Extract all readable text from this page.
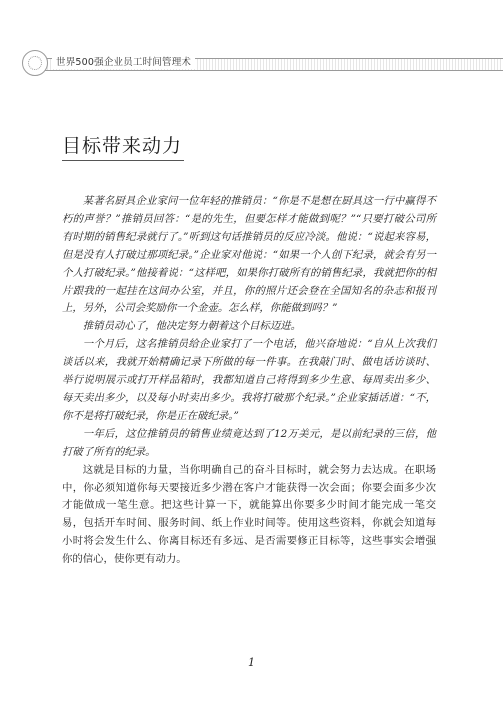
世界500强企业员工时间管理术
目标带来动力

某著名厨具企业家问一位年轻的推销员：“你是不是想在厨具这一行中赢得不朽的声誉？”推销员回答：“是的先生，但要怎样才能做到呢？”“只要打破公司所有时期的销售纪录就行了。”听到这句话推销员的反应冷淡。他说：“说起来容易，但是没有人打破过那项纪录。”企业家对他说：“如果一个人创下纪录，就会有另一个人打破纪录。”他接着说：“这样吧，如果你打破所有的销售纪录，我就把你的相片跟我的一起挂在这间办公室，并且，你的照片还会登在全国知名的杂志和报刊上，另外，公司会奖励你一个金壶。怎么样，你能做到吗？”

推销员动心了，他决定努力朝着这个目标迈进。

一个月后，这名推销员给企业家打了一个电话，他兴奋地说：“自从上次我们谈话以来，我就开始精确记录下所做的每一件事。在我敲门时、做电话访谈时、举行说明展示或打开样品箱时，我都知道自己将得到多少生意、每周卖出多少、每天卖出多少，以及每小时卖出多少。我将打破那个纪录。”企业家插话道：“不，你不是将打破纪录，你是正在破纪录。”

一年后，这位推销员的销售业绩竟达到了12万美元，是以前纪录的三倍，他打破了所有的纪录。

这就是目标的力量，当你明确自己的奋斗目标时，就会努力去达成。在职场中，你必须知道你每天要接近多少潜在客户才能获得一次会面；你要会面多少次才能做成一笔生意。把这些计算一下，就能算出你要多少时间才能完成一笔交易，包括开车时间、服务时间、纸上作业时间等。使用这些资料，你就会知道每小时将会发生什么、你离目标还有多远、是否需要修正目标等，这些事实会增强你的信心，使你更有动力。

1
